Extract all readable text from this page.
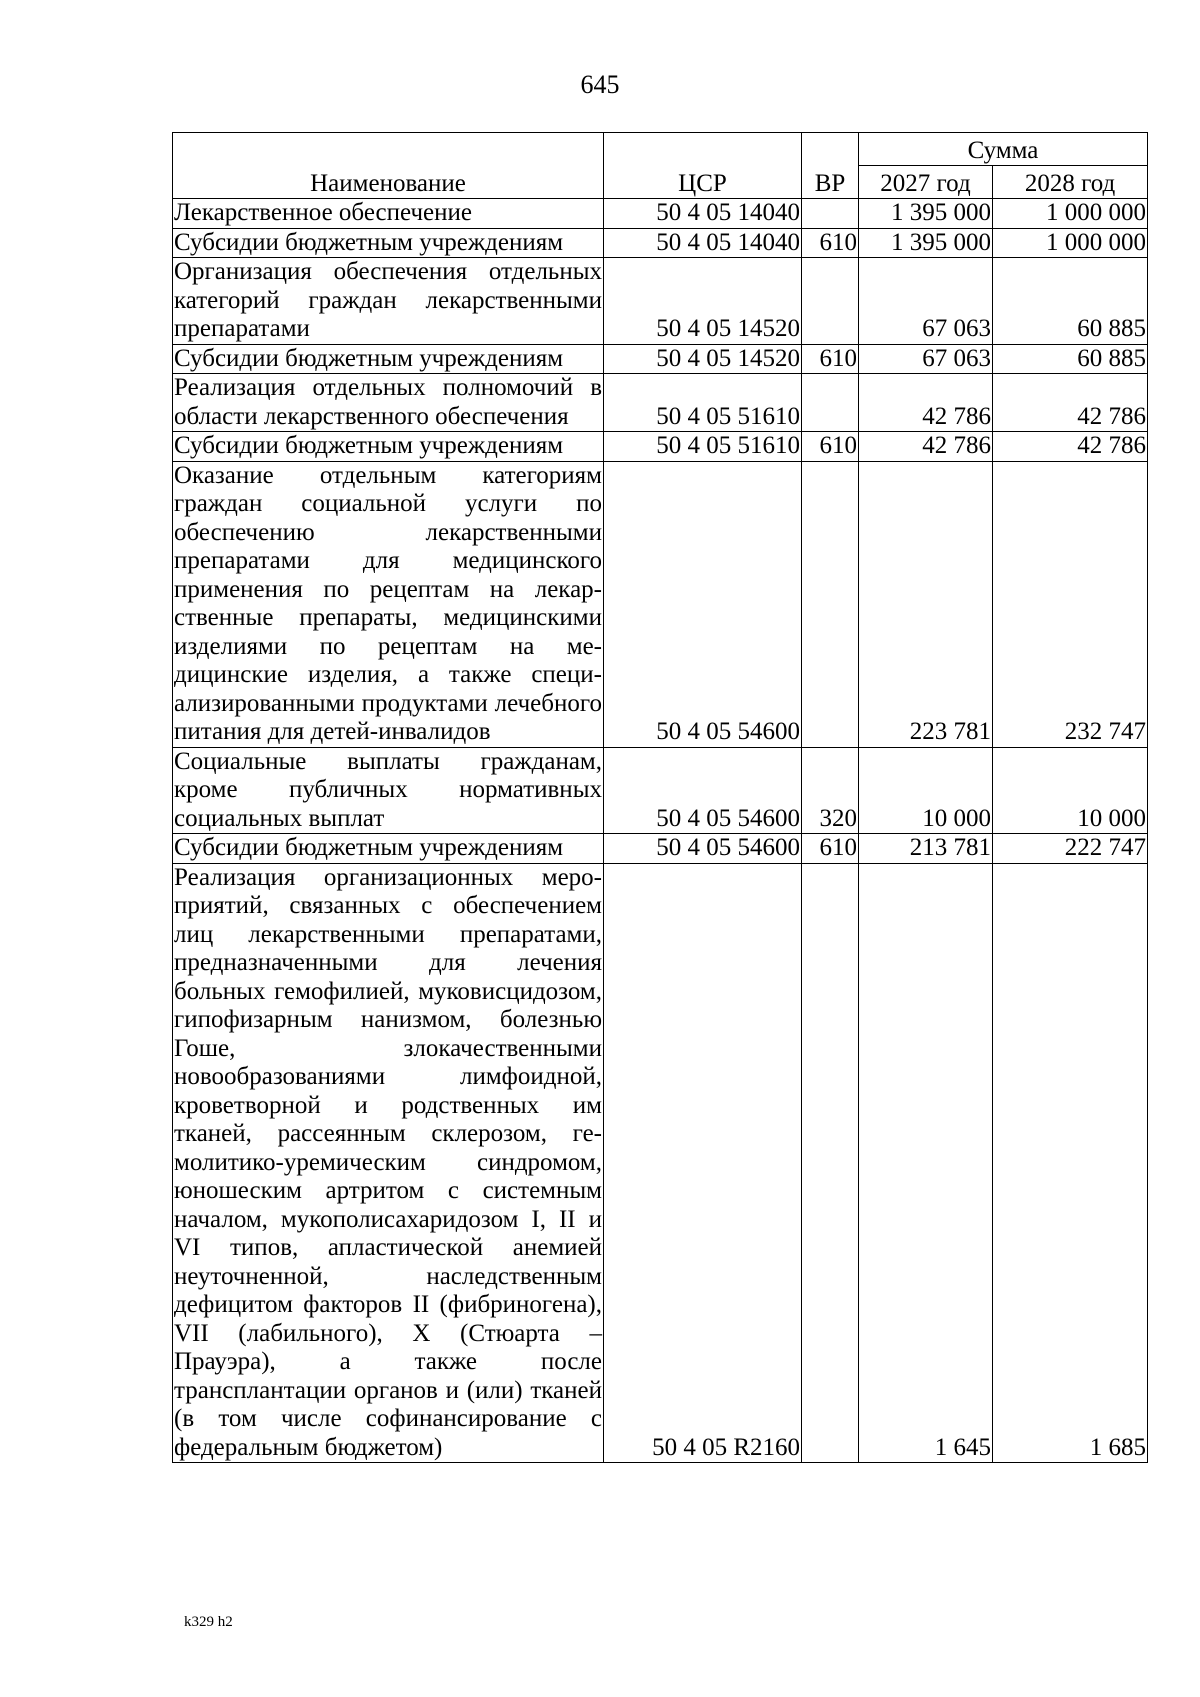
645
Наименование	ЦСР	ВР	Сумма	
			2027 год	2028 год
Лекарственное обеспечение	50 4 05 14040		1 395 000	1 000 000
Субсидии бюджетным учреждениям	50 4 05 14040	610	1 395 000	1 000 000
Организация обеспечения отдельных категорий граждан лекарственными препаратами	50 4 05 14520		67 063	60 885
Субсидии бюджетным учреждениям	50 4 05 14520	610	67 063	60 885
Реализация отдельных полномочий в области лекарственного обеспечения	50 4 05 51610		42 786	42 786
Субсидии бюджетным учреждениям	50 4 05 51610	610	42 786	42 786
Оказание отдельным категориям граждан социальной услуги по обеспечению лекарственными препаратами для медицинского применения по рецептам на лекарственные препараты, медицинскими изделиями по рецептам на медицинские изделия, а также специализированными продуктами лечебного питания для детей-инвалидов	50 4 05 54600		223 781	232 747
Социальные выплаты гражданам, кроме публичных нормативных социальных выплат	50 4 05 54600	320	10 000	10 000
Субсидии бюджетным учреждениям	50 4 05 54600	610	213 781	222 747
Реализация организационных мероприятий, связанных с обеспечением лиц лекарственными препаратами, предназначенными для лечения больных гемофилией, муковисцидозом, гипофизарным нанизмом, болезнью Гоше, злокачественными новообразованиями лимфоидной, кроветворной и родственных им тканей, рассеянным склерозом, гемолитико-уремическим синдромом, юношеским артритом с системным началом, мукополисахаридозом I, II и VI типов, апластической анемией неуточненной, наследственным дефицитом факторов II (фибриногена), VII (лабильного), X (Стюарта – Прауэра), а также после трансплантации органов и (или) тканей (в том числе софинансирование с федеральным бюджетом)	50 4 05 R2160		1 645	1 685
k329 h2
